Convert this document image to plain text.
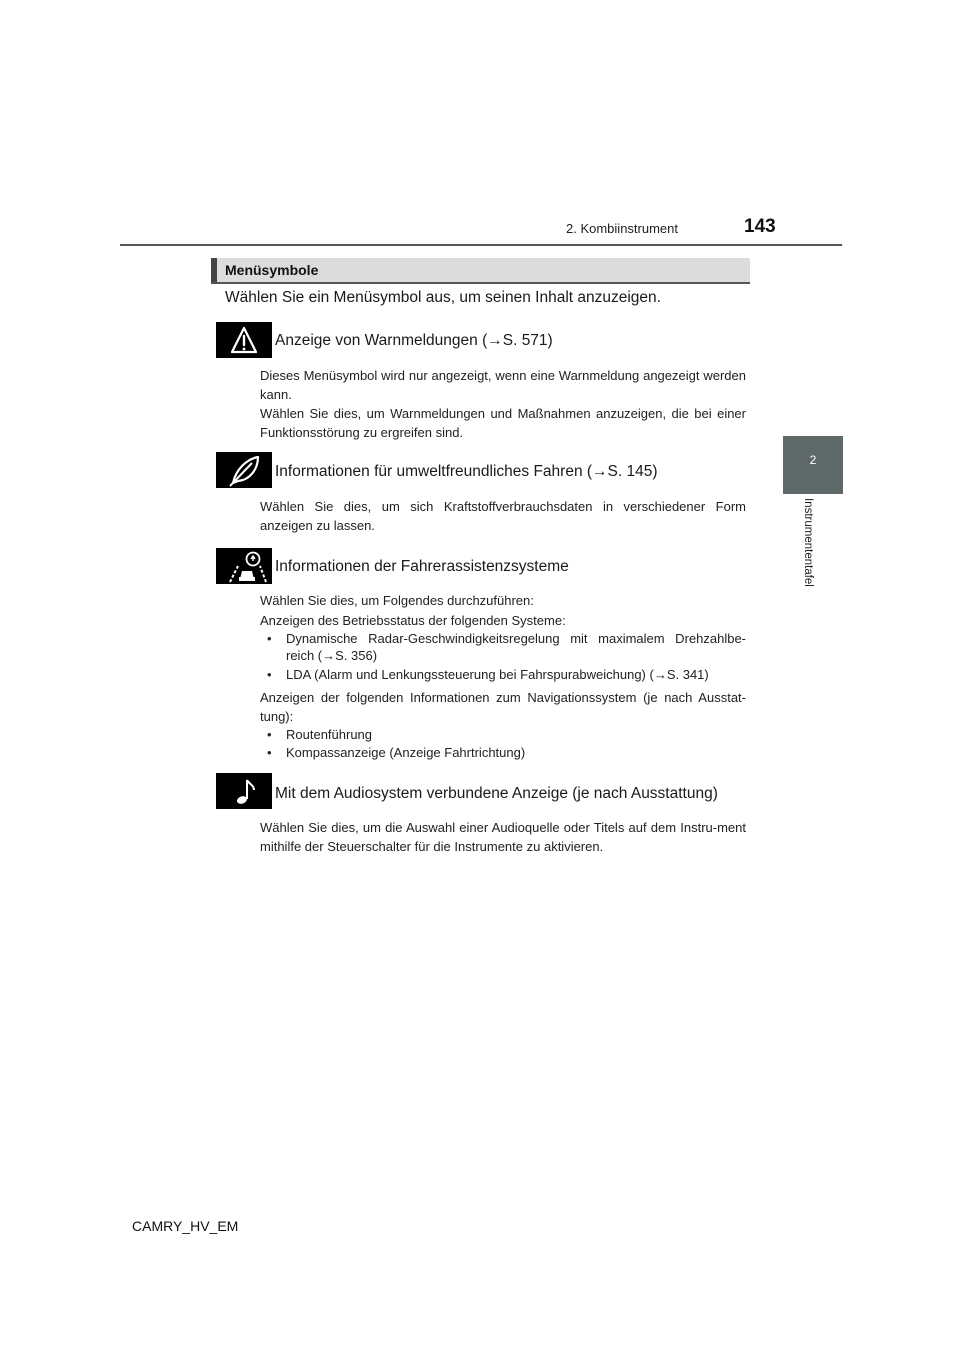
2. Kombiinstrument	143
2
Instrumententafel
Menüsymbole
Wählen Sie ein Menüsymbol aus, um seinen Inhalt anzuzeigen.
Anzeige von Warnmeldungen (→S. 571)
Dieses Menüsymbol wird nur angezeigt, wenn eine Warnmeldung angezeigt werden kann.
Wählen Sie dies, um Warnmeldungen und Maßnahmen anzuzeigen, die bei einer Funktionsstörung zu ergreifen sind.
Informationen für umweltfreundliches Fahren (→S. 145)
Wählen Sie dies, um sich Kraftstoffverbrauchsdaten in verschiedener Form anzeigen zu lassen.
Informationen der Fahrerassistenzsysteme
Wählen Sie dies, um Folgendes durchzuführen:
Anzeigen des Betriebsstatus der folgenden Systeme:
•	Dynamische Radar-Geschwindigkeitsregelung mit maximalem Drehzahlbe-reich (→S. 356)
•	LDA (Alarm und Lenkungssteuerung bei Fahrspurabweichung) (→S. 341)
Anzeigen der folgenden Informationen zum Navigationssystem (je nach Ausstat-tung):
•	Routenführung
•	Kompassanzeige (Anzeige Fahrtrichtung)
Mit dem Audiosystem verbundene Anzeige (je nach Ausstattung)
Wählen Sie dies, um die Auswahl einer Audioquelle oder Titels auf dem Instru-ment mithilfe der Steuerschalter für die Instrumente zu aktivieren.
CAMRY_HV_EM
